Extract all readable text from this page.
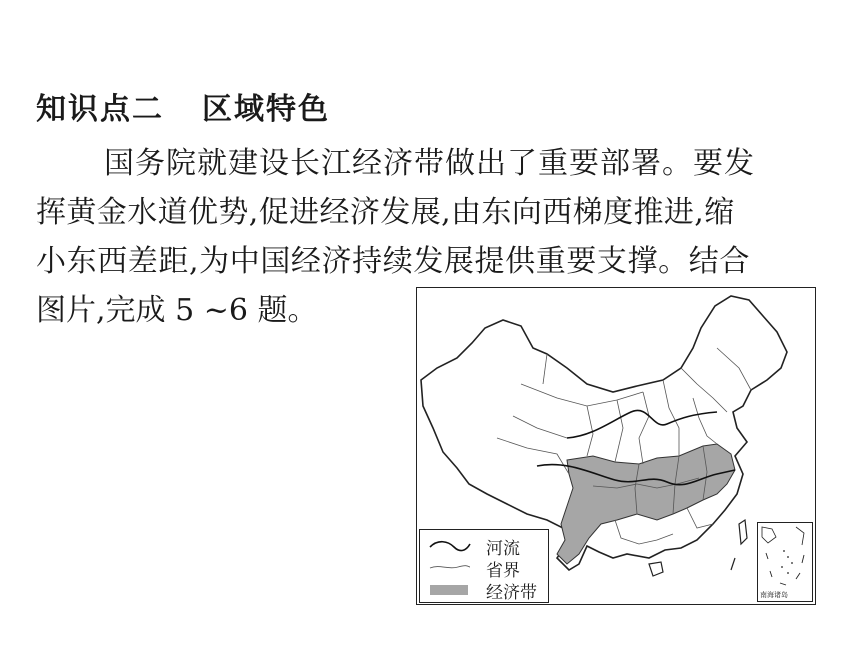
知识点二 区域特色
国务院就建设长江经济带做出了重要部署。要发
挥黄金水道优势,促进经济发展,由东向西梯度推进,缩
小东西差距,为中国经济持续发展提供重要支撑。结合
图片,完成 5 ~6 题。
河流
省界
经济带	南海诸岛
